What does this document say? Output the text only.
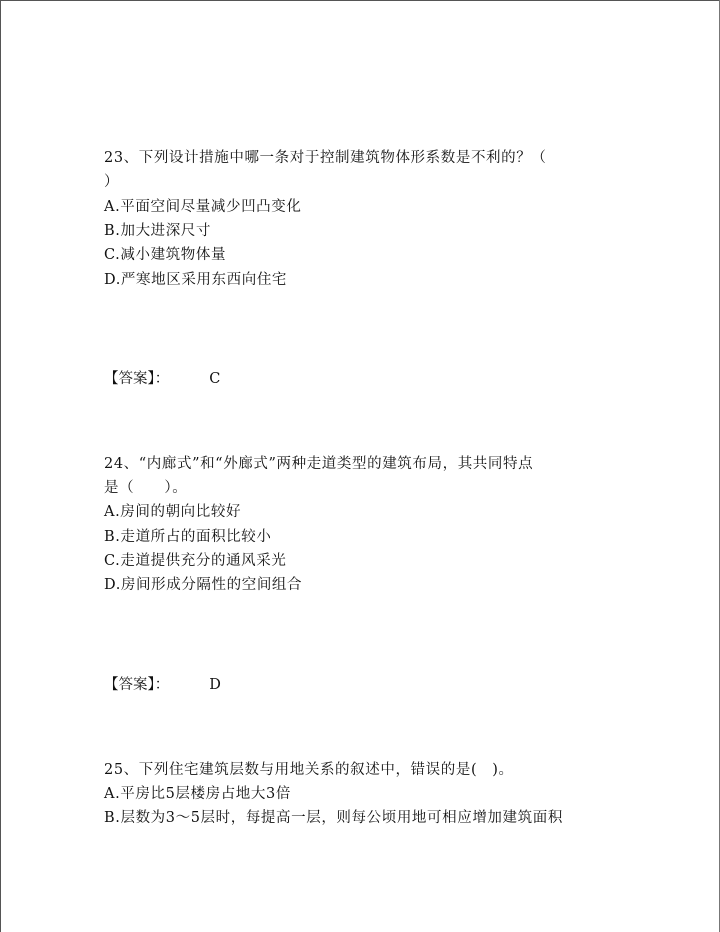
23、下列设计措施中哪一条对于控制建筑物体形系数是不利的？（
）
A.平面空间尽量减少凹凸变化
B.加大进深尺寸
C.减小建筑物体量
D.严寒地区采用东西向住宅
【答案】：	C
24、“内廊式”和“外廊式”两种走道类型的建筑布局，其共同特点
是（　　）。
A.房间的朝向比较好
B.走道所占的面积比较小
C.走道提供充分的通风采光
D.房间形成分隔性的空间组合
【答案】：	D
25、下列住宅建筑层数与用地关系的叙述中，错误的是(　)。
A.平房比5层楼房占地大3倍
B.层数为3～5层时，每提高一层，则每公顷用地可相应增加建筑面积
